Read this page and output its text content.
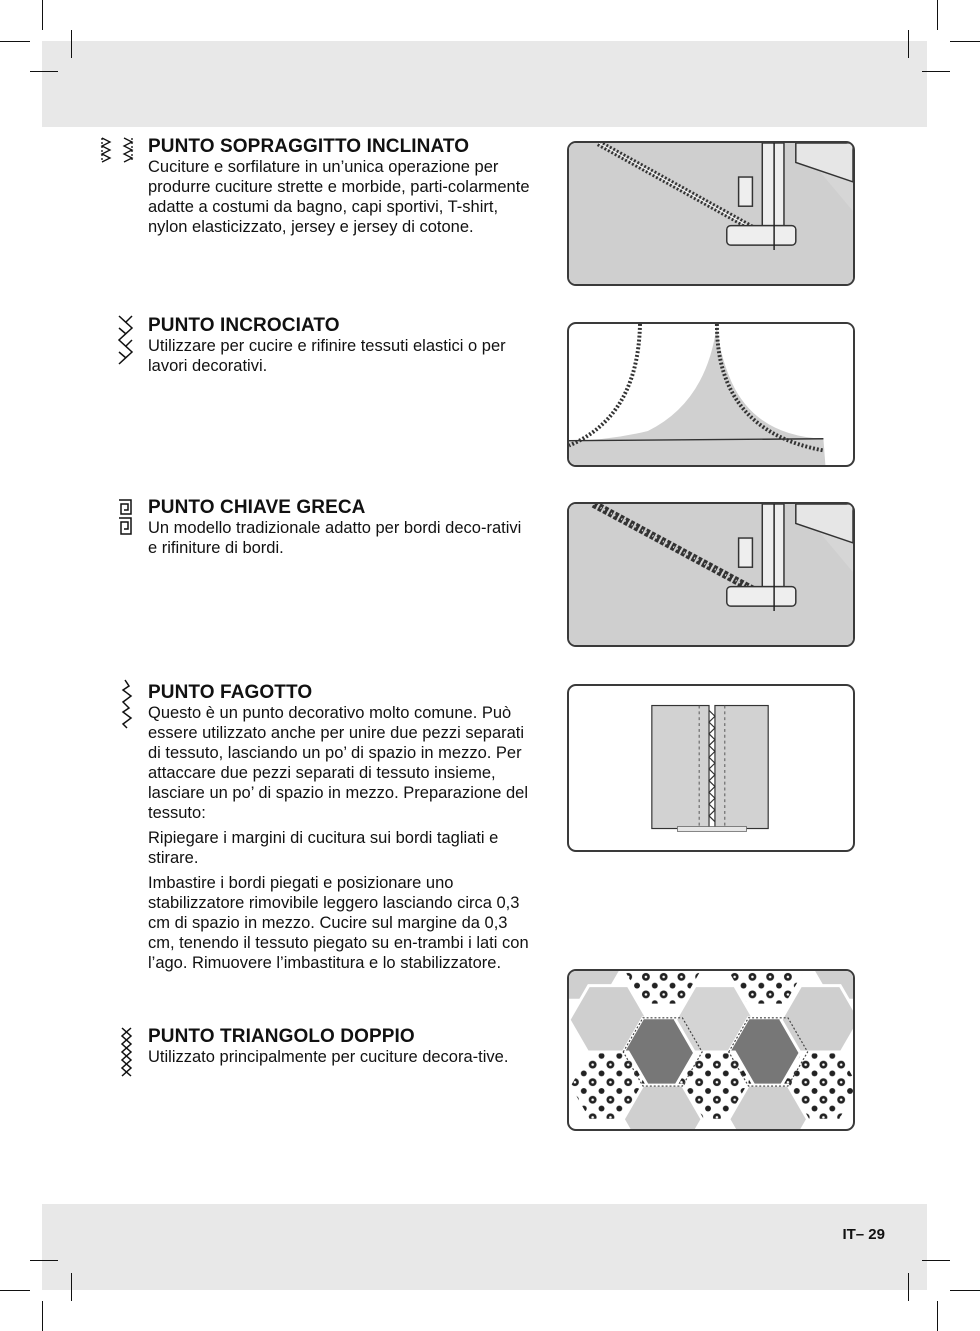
PUNTO SOPRAGGITTO INCLINATO

Cuciture e sorfilature in un’unica operazione per produrre cuciture strette e morbide, parti-colarmente adatte a costumi da bagno, capi sportivi, T-shirt, nylon elasticizzato, jersey e jersey di cotone.

PUNTO INCROCIATO

Utilizzare per cucire e rifinire tessuti elastici o per lavori decorativi.

PUNTO CHIAVE GRECA

Un modello tradizionale adatto per bordi deco-rativi e rifiniture di bordi.

PUNTO FAGOTTO

Questo è un punto decorativo molto comune. Può essere utilizzato anche per unire due pezzi separati di tessuto, lasciando un po’ di spazio in mezzo. Per attaccare due pezzi separati di tessuto insieme, lasciare un po’ di spazio in mezzo. Preparazione del tessuto:

Ripiegare i margini di cucitura sui bordi tagliati e stirare.

Imbastire i bordi piegati e posizionare uno stabilizzatore rimovibile leggero lasciando circa 0,3 cm di spazio in mezzo. Cucire sul margine da 0,3 cm, tenendo il tessuto piegato su en-trambi i lati con l’ago. Rimuovere l’imbastitura e lo stabilizzatore.

PUNTO TRIANGOLO DOPPIO

Utilizzato principalmente per cuciture decora-tive.

IT– 29
